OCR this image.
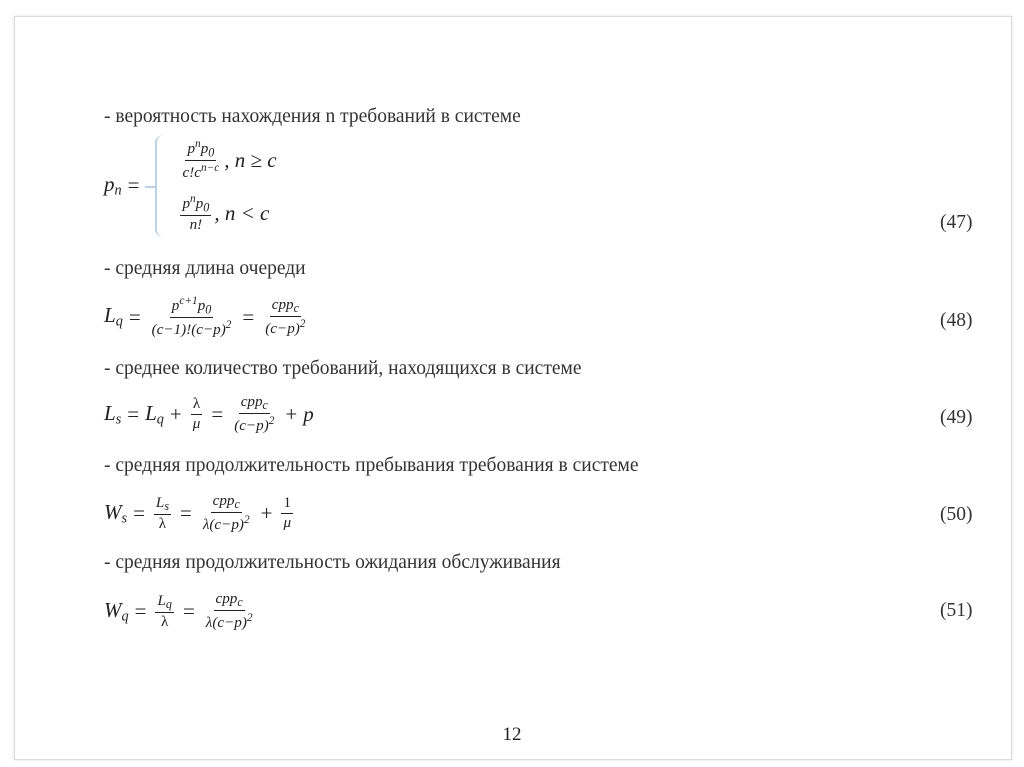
- вероятность нахождения n требований в системе
$p_n$ =
$\frac{p^np_0}{c!c^{n-c}}$ , n ≥ c
$\frac{p^np_0}{n!}$ , n < c	(47)
- средняя длина очереди
$L_q = \frac{p^{c+1}p_0}{(c-1)!(c-p)^2} = \frac{cpp_c}{(c-p)^2}$	(48)
- среднее количество требований, находящихся в системе
$L_s = L_q + \frac{\lambda}{\mu} = \frac{cpp_c}{(c-p)^2} + p$	(49)
- средняя продолжительность пребывания требования в системе
$W_s = \frac{L_s}{\lambda} = \frac{cpp_c}{\lambda(c-p)^2} + \frac{1}{\mu}$	(50)
- средняя продолжительность ожидания обслуживания
$W_q = \frac{L_q}{\lambda} = \frac{cpp_c}{\lambda(c-p)^2}$	(51)
12
